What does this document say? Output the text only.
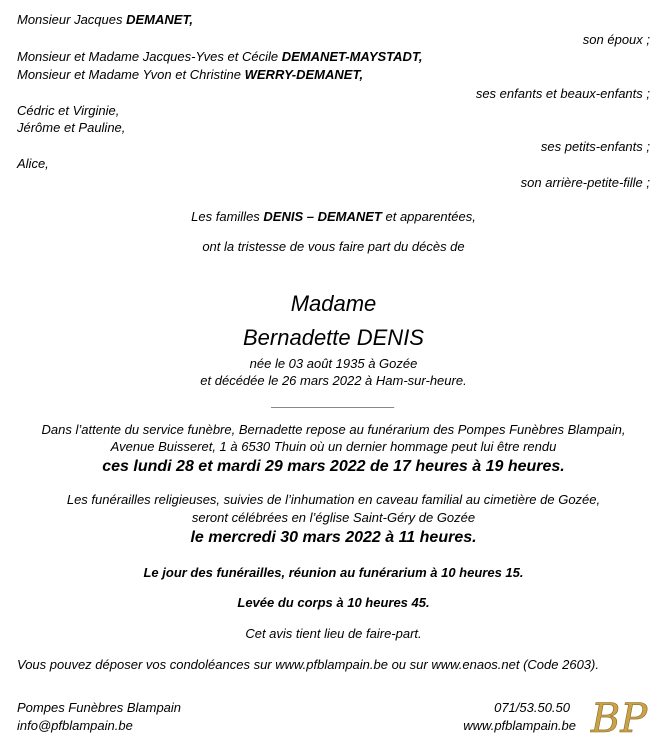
Monsieur Jacques DEMANET,
son époux ;
Monsieur et Madame Jacques-Yves et Cécile DEMANET-MAYSTADT,
Monsieur et Madame Yvon et Christine WERRY-DEMANET,
ses enfants et beaux-enfants ;
Cédric et Virginie,
Jérôme et Pauline,
ses petits-enfants ;
Alice,
son arrière-petite-fille ;
Les familles DENIS – DEMANET et apparentées,
ont la tristesse de vous faire part du décès de
Madame
Bernadette DENIS
née le 03 août 1935 à Gozée
et décédée le 26 mars 2022 à Ham-sur-heure.
_________________
Dans l’attente du service funèbre, Bernadette repose au funérarium des Pompes Funèbres Blampain,
Avenue Buisseret, 1 à 6530 Thuin où un dernier hommage peut lui être rendu
ces lundi 28 et mardi 29 mars 2022 de 17 heures à 19 heures.
Les funérailles religieuses, suivies de l’inhumation en caveau familial au cimetière de Gozée,
seront célébrées en l’église Saint-Géry de Gozée
le mercredi 30 mars 2022 à 11 heures.
Le jour des funérailles, réunion au funérarium à 10 heures 15.
Levée du corps à 10 heures 45.
Cet avis tient lieu de faire-part.
Vous pouvez déposer vos condoléances sur www.pfblampain.be ou sur www.enaos.net (Code 2603).
Pompes Funèbres Blampain
info@pfblampain.be
071/53.50.50
www.pfblampain.be BP
